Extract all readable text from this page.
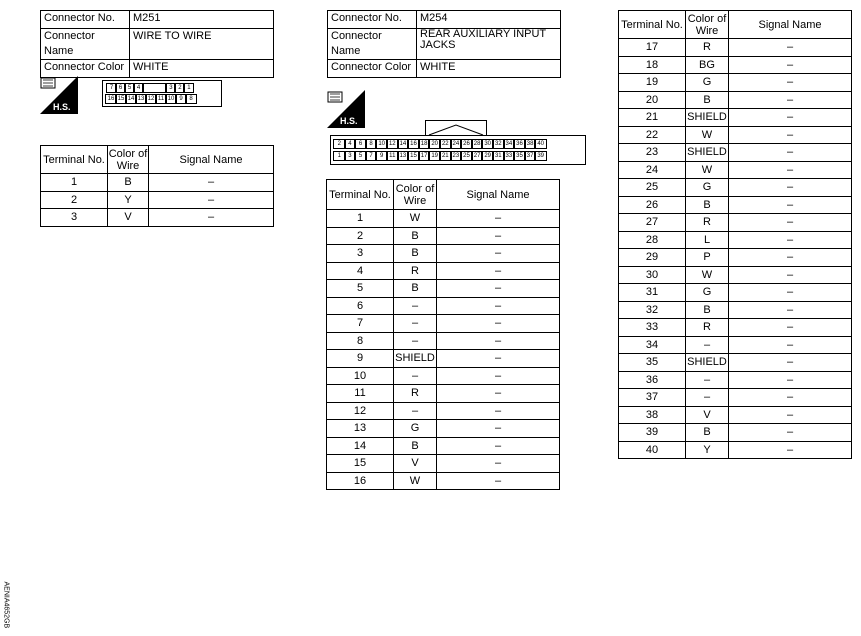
Connector No.	M251
Connector Name	WIRE TO WIRE
Connector Color	WHITE
H.S.
7 6 5 4	3 2 1
16 15 14 13 12 11 10 9	8
Terminal No.	Color of Wire	Signal Name
1	B	–
2	Y	–
3	V	–
Connector No.	M254
Connector Name	REAR AUXILIARY INPUT JACKS
Connector Color	WHITE
H.S.
2	4	6	8 10 12 14 16 18 20 22 24 26 28 30 32 34 36 38 40
1	3	5	7	9 11 13 15 17 19 21 23 25 27 29 31 33 35 37 39
Terminal No.	Color of Wire	Signal Name
1	W	–
2	B	–
3	B	–
4	R	–
5	B	–
6	–	–
7	–	–
8	–	–
9	SHIELD	–
10	–	–
11	R	–
12	–	–
13	G	–
14	B	–
15	V	–
16	W	–
Terminal No.	Color of Wire	Signal Name
17	R	–
18	BG	–
19	G	–
20	B	–
21	SHIELD	–
22	W	–
23	SHIELD	–
24	W	–
25	G	–
26	B	–
27	R	–
28	L	–
29	P	–
30	W	–
31	G	–
32	B	–
33	R	–
34	–	–
35	SHIELD	–
36	–	–
37	–	–
38	V	–
39	B	–
40	Y	–
AENIA4652GB
